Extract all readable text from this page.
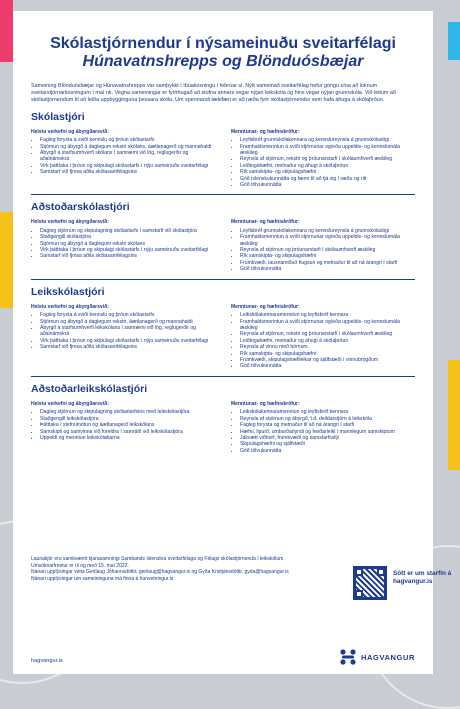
Skólastjórnendur í nýsameinuðu sveitarfélagi
Húnavatnshrepps og Blönduósbæjar

Sameining Blönduósbæjar og Húnavatnshrepps var samþykkt í íbúakosningu í febrúar sl. Nýtt sameinað sveitarfélag hefur göngu sína að loknum sveitarstjórnarkosningum í maí nk. Vegna sameiningar er fyrirhugað að stofna annars vegar nýjan leikskóla og hins vegar nýjan grunnskóla. Við leitum að skólastjórnendum til að leiða uppbygginguna þessara skóla. Um spennandi tækifæri er að ræða fyrir skólastjórnendur sem hafa áhuga á skólaþróun.

Skólastjóri
Helstu verkefni og ábyrgðarsvið:
• Fagleg forysta á sviði kennslu og þróun skólastarfs
• Stjórnun og ábyrgð á daglegum rekstri skólans, áætlanagerð og mannahaldi
• Ábyrgð á starfsumhverfi skólans í samræmi við lög, reglugerðir og aðalnámskrá
• Virk þátttaka í þróun og skipulagi skólastarfs í nýju sameinuðu sveitarfélagi
• Samstarf við fjmsa aðila skólasamfélagsins
Menntunar- og hæfniskröfur:
• Leyfisbréf grunnskólakennara og kennslureynsla á grunnskólastigi
• Framhaldsmenntun á sviði stjórnunar og/eða uppeldis- og kennslumála æskileg
• Reynsla af stjórnun, rekstri og þróunarstarfi í skólaumhverfi æskileg
• Leiðtogahæfni, metnaður og áhugi á skólaþróun
• Rík samskipta- og skipulagshæfni
• Góð íslenskukunnátta og færni til að tjá sig í ræðu og riti
• Góð tölvukunnátta
Aðstoðarskólastjóri
Helstu verkefni og ábyrgðarsvið:
• Dagleg stjórnun og skipulagning skólastarfs í samstarfi við skólastjóra
• Staðgengill skólastjóra
• Stjórnun og ábyrgð á daglegum rekstri skólans
• Virk þátttaka í þróun og skipulagi skólastarfs í nýju sameinuðu sveitarfélagi
• Samstarf við fjmsa aðila skólasamfélagsins
Menntunar- og hæfniskröfur:
• Leyfisbréf grunnskólakennara og kennslureynsla á grunnskólastigi
• Framhaldsmenntun á sviði stjórnunar og/eða uppeldis- og kennslumála æskileg
• Reynsla af stjórnun og þróunarstarfi í skólaumhverfi æskileg
• Rík samskipta- og skipulagshæfni
• Frumkvæði, lausnamiðuð hugsun og metnaður til að ná árangri í starfi
• Góð tölvukunnátta
Leikskólastjóri
Helstu verkefni og ábyrgðarsvið:
• Fagleg forysta á sviði kennslu og þróun skólastarfs
• Stjórnun og ábyrgð á daglegum rekstri, áætlanagerð og mannahaldi
• Ábyrgð á starfsumhverfi leikskólans í samræmi við lög, reglugerðir og aðalnámskrá
• Virk þátttaka í þróun og skipulagi skólastarfs í nýju sameinuðu sveitarfélagi
• Samstarf við fjmsa aðila skólasamfélagsins
Menntunar- og hæfniskröfur:
• Leikskólakennaramenntun og leyfisbréf kennara
• Framhaldsmenntun á sviði stjórnunar og/eða uppeldis- og kennslumála æskileg
• Reynsla af stjórnun, rekstri og þróunarstarfi í skólaumhverfi æskileg
• Leiðtogahæfni, metnaður og áhugi á skólaþróun
• Reynsla af vinnu með börnum
• Rík samskipta- og skipulagshæfni
• Frumkvæði, skipulagshæfileikar og sjálfstæði í vinnubrögðum
• Góð tölvukunnátta
Aðstoðarleikskólastjóri
Helstu verkefni og ábyrgðarsvið:
• Dagleg stjórnun og skipulagning skólastarfsins með leikskólastjóra
• Staðgengill leikskólastjóra
• Þátttaka í stefnumótun og áætlanagerð leikskólans
• Samskipti og samvinna við foreldra í samráði við leikskólastjóra
• Uppeldi og menntun leikskólabarna
Menntunar- og hæfniskröfur:
• Leikskólakennaramenntun og leyfisbréf kennara
• Reynsla af stjórnun og ábyrgð, t.d. deildarstjórn á leikskóla
• Fagleg forysta og metnaður til að ná árangri í starfi
• Hæfni, lipurð, umburðarlyndi og heiðarleiki í mannlegum samskiptum
• Jákvætt viðhorf, frumkvæði og samstarfsvilji
• Skipulagshæfni og sjálfstæði
• Góð tölvukunnátta
Launakjör eru samkvæmt kjarasamningi Sambands íslenskra sveitarfélaga og Félags skólastjórnenda í leikskólum.
Umsóknarfrestur er til og með 15. maí 2022.
Nánari upplýsingar veita Geirlaug Jóhannsdóttir, geirlaug@hagvangur.is og Gyða Kristjánsdóttir, gyda@hagvangur.is
Nánari upplýsingar um sameininguna má finna á hunvetningur.is
Sótt er um starfin á hagvangur.is
hagvangur.is	HAGVANGUR
